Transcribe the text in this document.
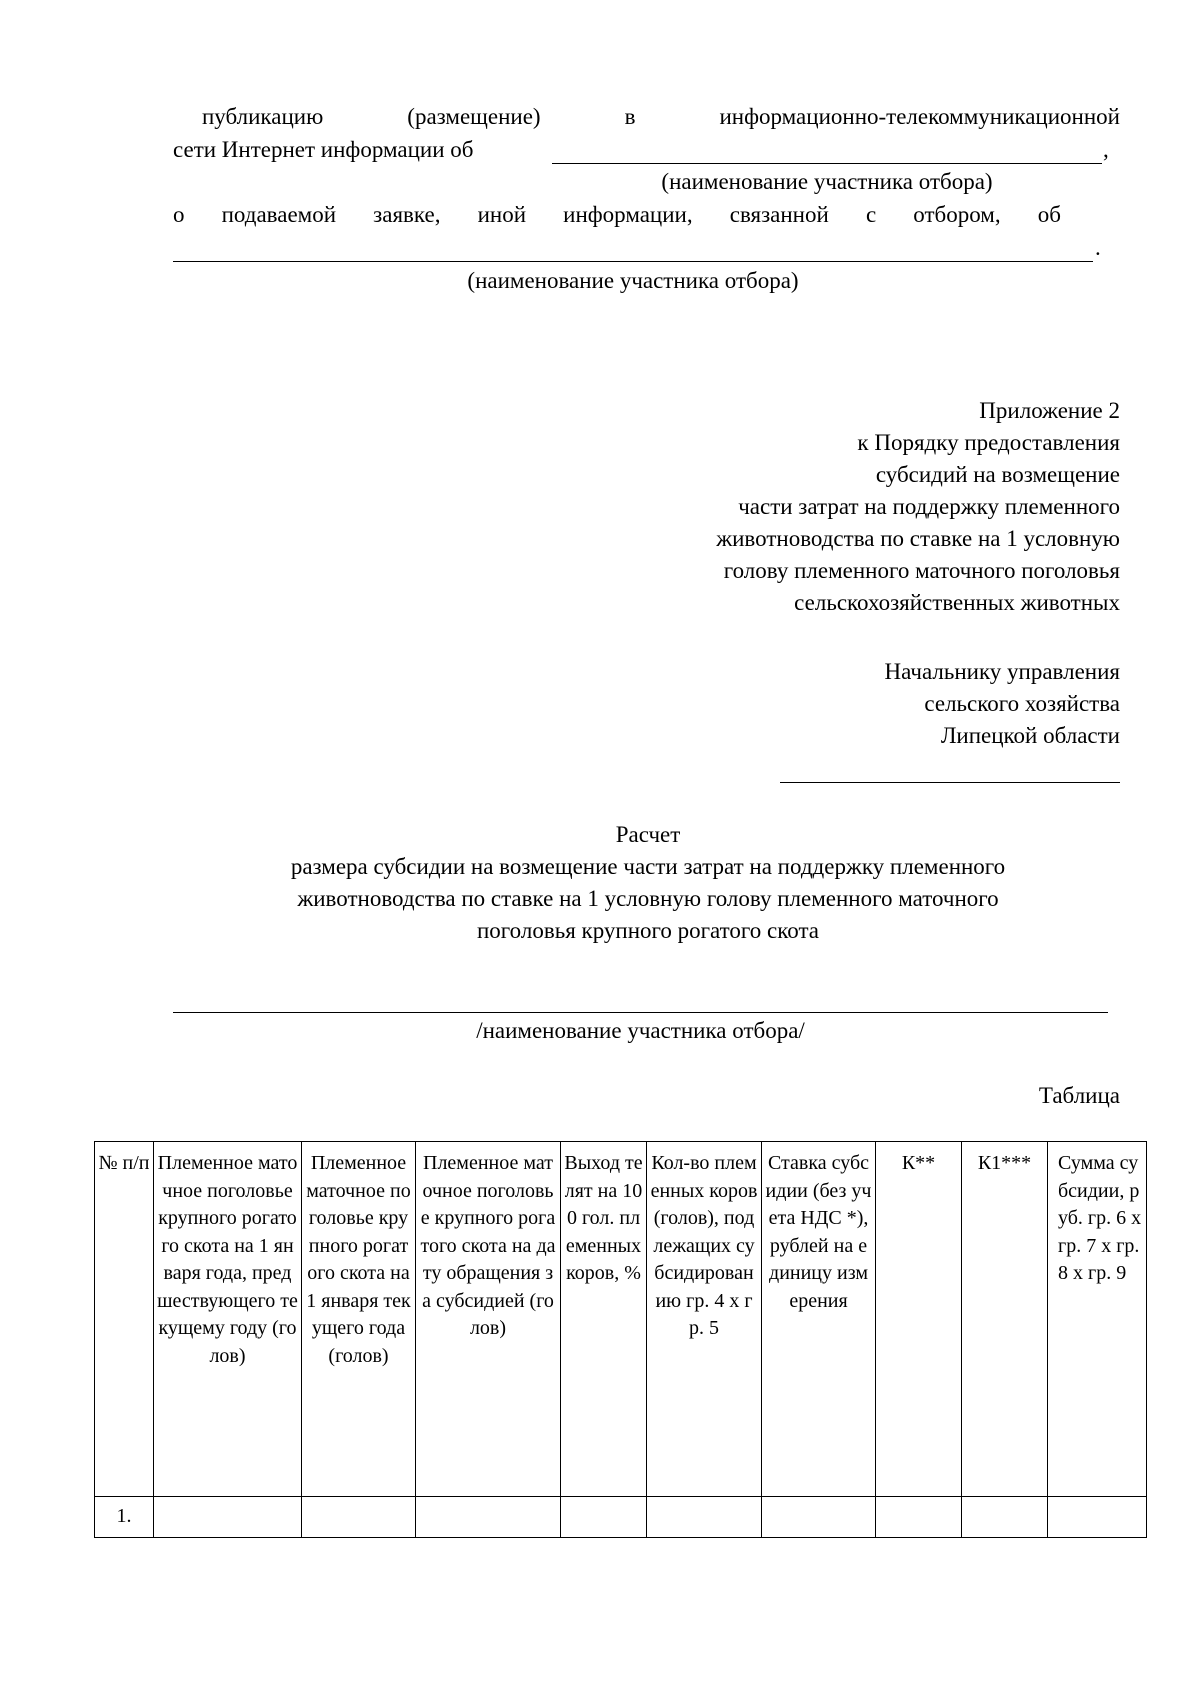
публикацию	(размещение)	в	информационно-телекоммуникационной
сети Интернет информации об	,
(наименование участника отбора)
о подаваемой заявке, иной информации, связанной с отбором, об
.
(наименование участника отбора)
Приложение 2
к Порядку предоставления
субсидий на возмещение
части затрат на поддержку племенного
животноводства по ставке на 1 условную
голову племенного маточного поголовья
сельскохозяйственных животных
Начальнику управления
сельского хозяйства
Липецкой области
Расчет
размера субсидии на возмещение части затрат на поддержку племенного
животноводства по ставке на 1 условную голову племенного маточного
поголовья крупного рогатого скота
/наименование участника отбора/
Таблица
№ п/п	Племенное маточное поголовье крупного рогатого скота на 1 января года, предшествующего текущему году (голов)	Племенное маточное поголовье крупного рогатого скота на 1 января текущего года (голов)	Племенное маточное поголовье крупного рогатого скота на дату обращения за субсидией (голов)	Выход телят на 100 гол. племенных коров, %	Кол-во племенных коров (голов), подлежащих субсидированию гр. 4 х гр. 5	Ставка субсидии (без учета НДС *), рублей на единицу измерения	К**	К1***	Сумма субсидии, руб. гр. 6 х гр. 7 х гр. 8 х гр. 9
1.									
